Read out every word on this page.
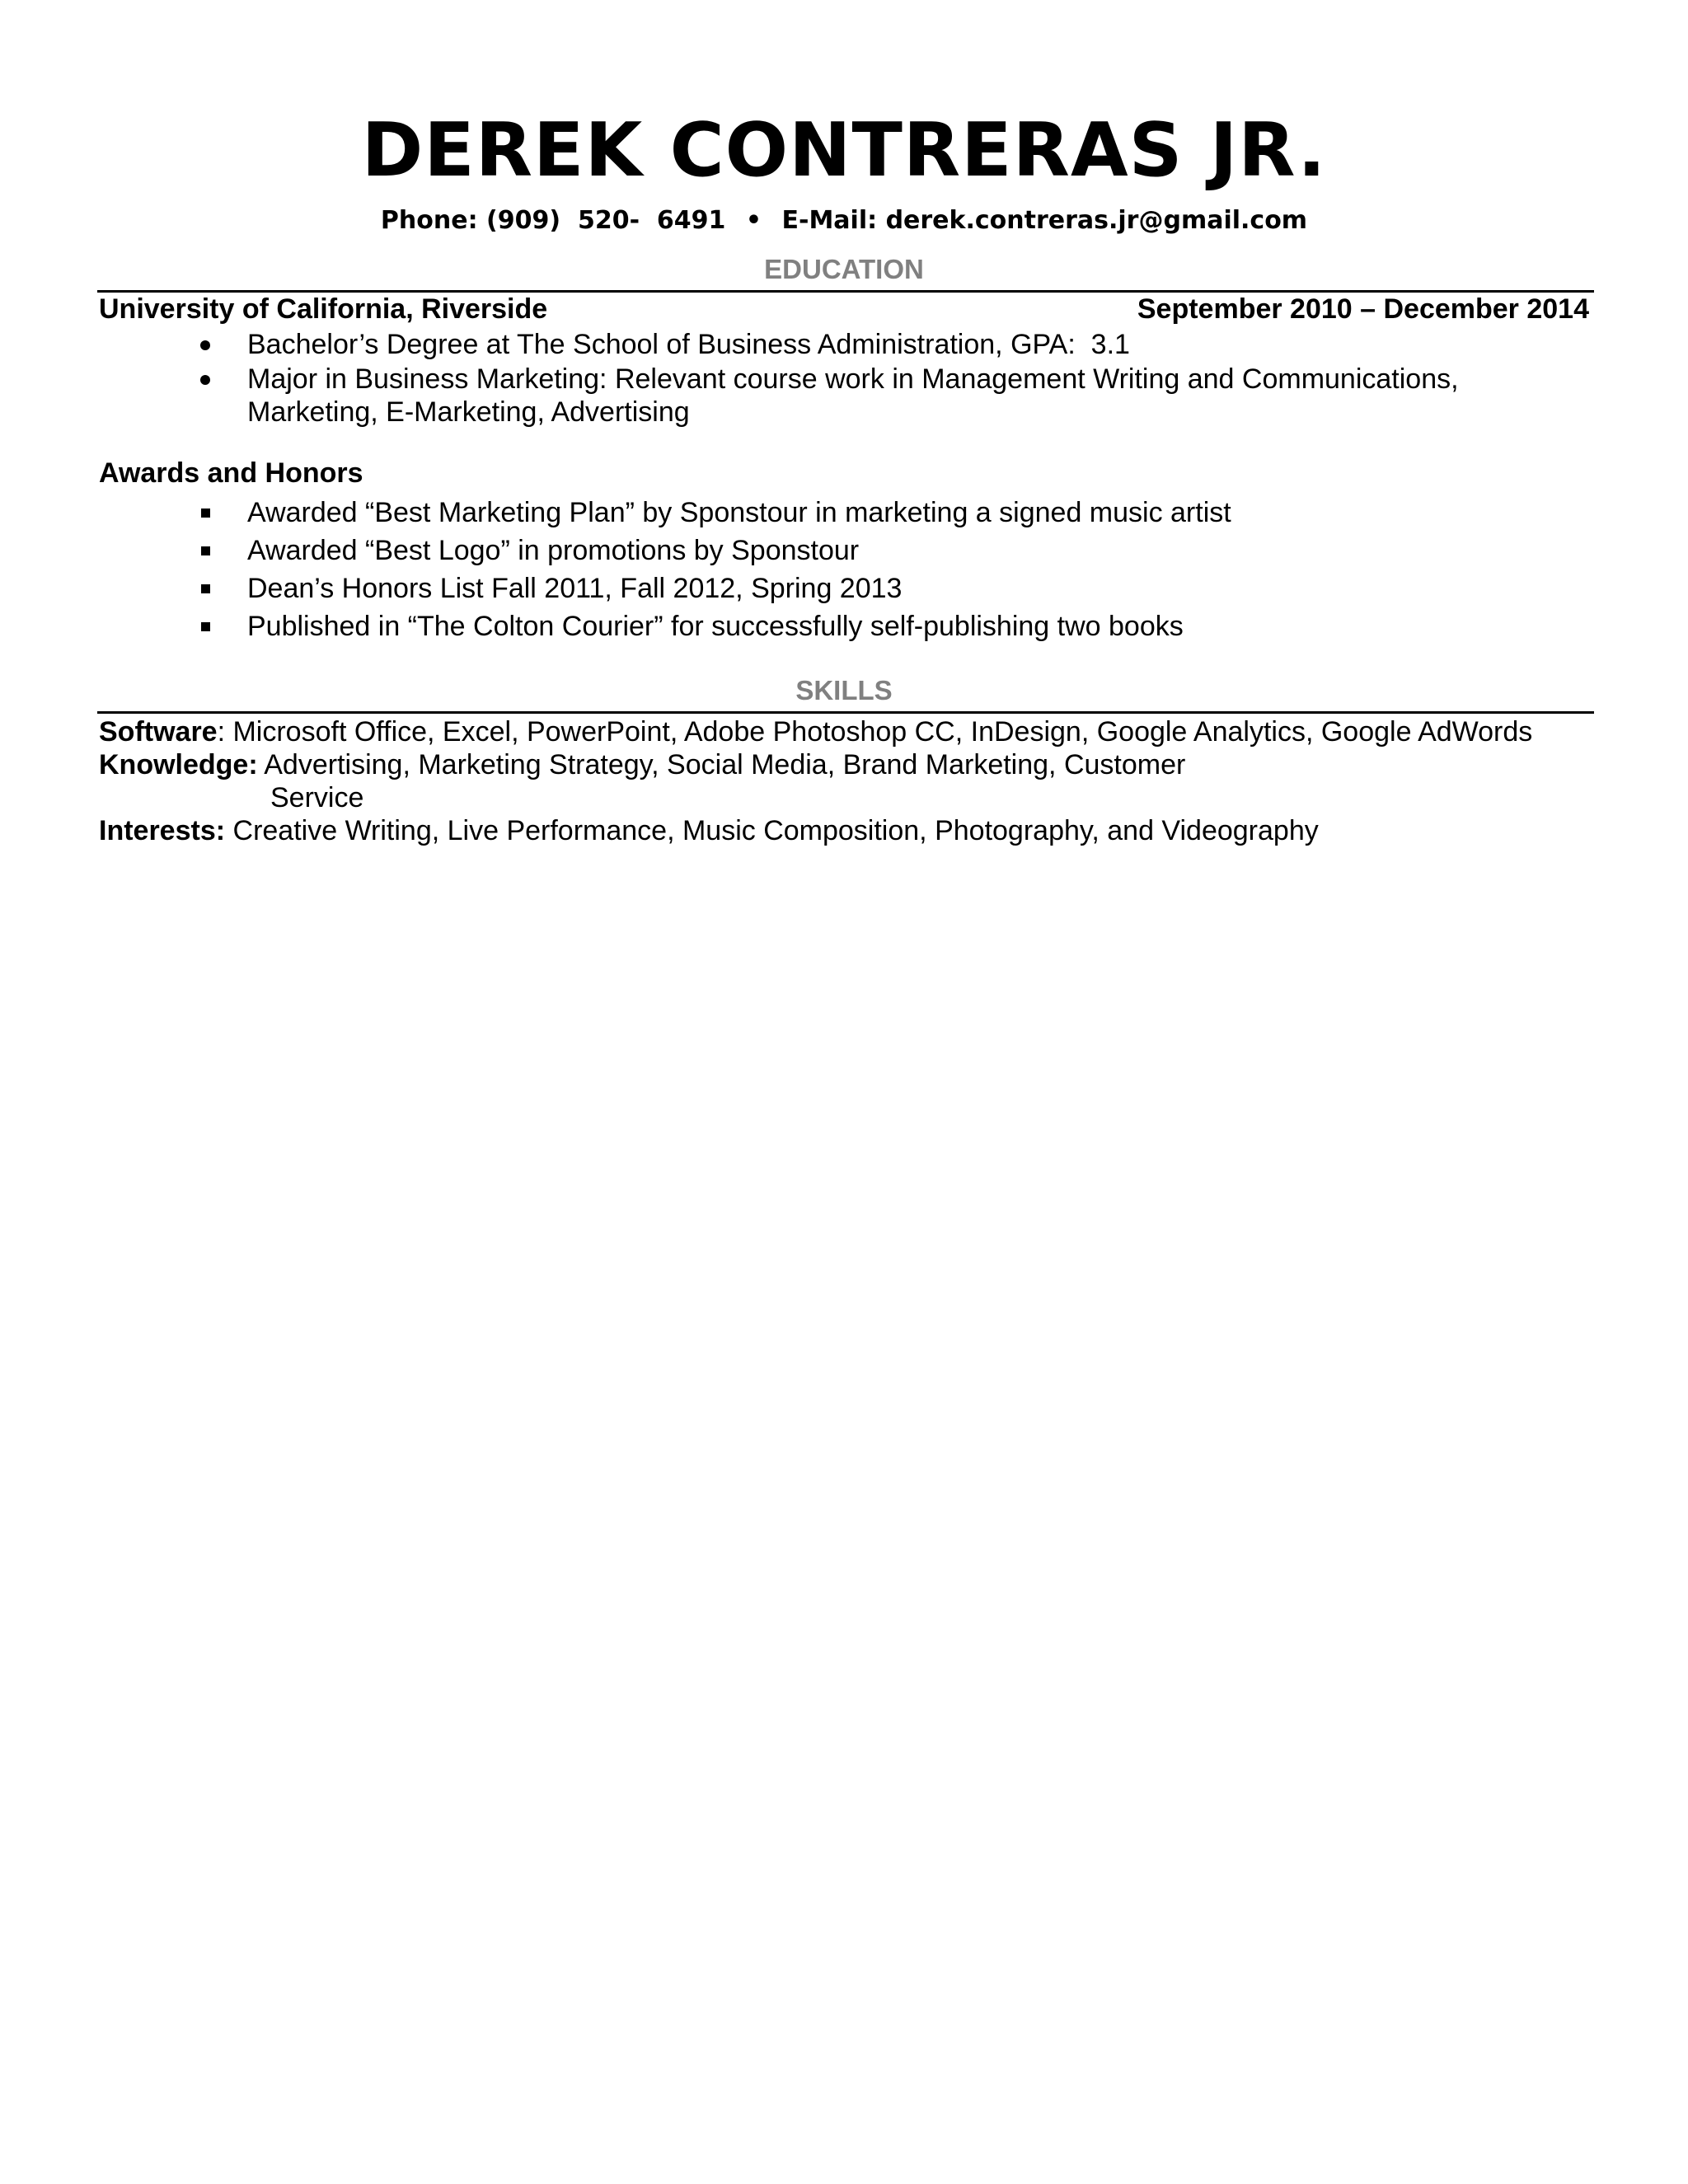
DEREK CONTRERAS JR.
Phone: (909)  520-  6491 • E-Mail: derek.contreras.jr@gmail.com
EDUCATION
University of California, Riverside	September 2010 – December 2014
Bachelor’s Degree at The School of Business Administration, GPA:  3.1
Major in Business Marketing: Relevant course work in Management Writing and Communications,
Marketing, E-Marketing, Advertising
Awards and Honors
Awarded “Best Marketing Plan” by Sponstour in marketing a signed music artist
Awarded “Best Logo” in promotions by Sponstour
Dean’s Honors List Fall 2011, Fall 2012, Spring 2013
Published in “The Colton Courier” for successfully self-publishing two books
SKILLS
Software: Microsoft Office, Excel, PowerPoint, Adobe Photoshop CC, InDesign, Google Analytics, Google AdWords
Knowledge: Advertising, Marketing Strategy, Social Media, Brand Marketing, Customer
Service
Interests: Creative Writing, Live Performance, Music Composition, Photography, and Videography
